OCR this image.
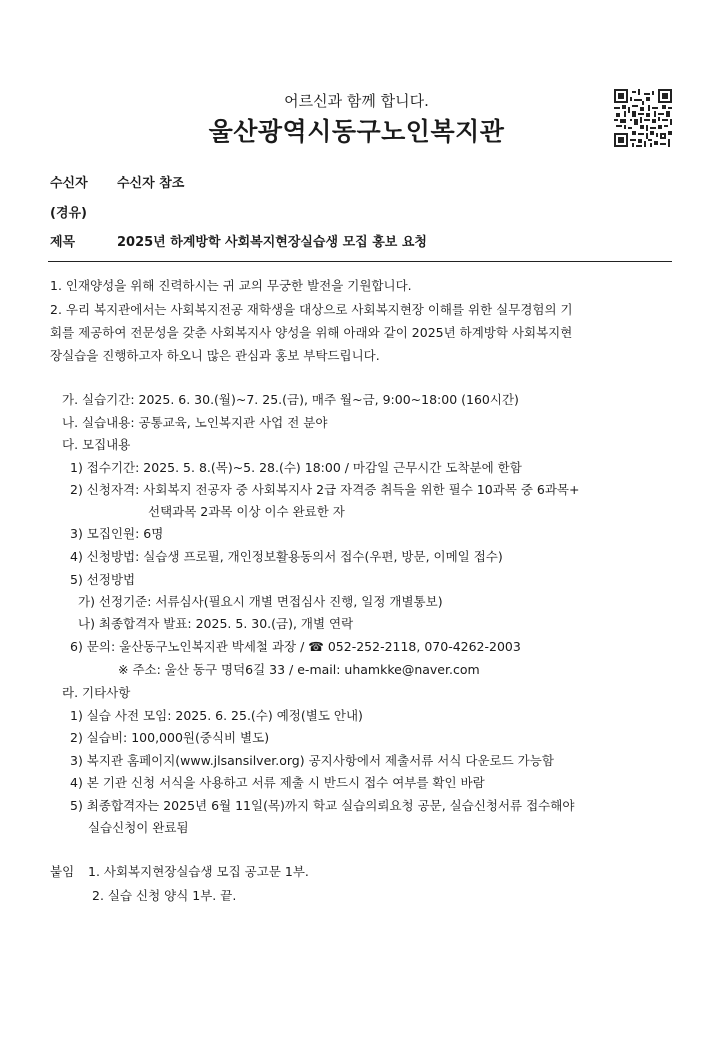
어르신과 함께 합니다.
울산광역시동구노인복지관
수신자 수신자 참조
(경유)
제목	2025년 하계방학 사회복지현장실습생 모집 홍보 요청
1. 인재양성을 위해 진력하시는 귀 교의 무궁한 발전을 기원합니다.
2. 우리 복지관에서는 사회복지전공 재학생을 대상으로 사회복지현장 이해를 위한 실무경험의 기
회를 제공하여 전문성을 갖춘 사회복지사 양성을 위해 아래와 같이 2025년 하계방학 사회복지현
장실습을 진행하고자 하오니 많은 관심과 홍보 부탁드립니다.
가. 실습기간: 2025. 6. 30.(월)~7. 25.(금), 매주 월~금, 9:00~18:00 (160시간)
나. 실습내용: 공통교육, 노인복지관 사업 전 분야
다. 모집내용
1) 접수기간: 2025. 5. 8.(목)~5. 28.(수) 18:00 / 마감일 근무시간 도착분에 한함
2) 신청자격: 사회복지 전공자 중 사회복지사 2급 자격증 취득을 위한 필수 10과목 중 6과목+
선택과목 2과목 이상 이수 완료한 자
3) 모집인원: 6명
4) 신청방법: 실습생 프로필, 개인정보활용동의서 접수(우편, 방문, 이메일 접수)
5) 선정방법
가) 선정기준: 서류심사(필요시 개별 면접심사 진행, 일정 개별통보)
나) 최종합격자 발표: 2025. 5. 30.(금), 개별 연락
6) 문의: 울산동구노인복지관 박세철 과장 / ☎ 052-252-2118, 070-4262-2003
※ 주소: 울산 동구 명덕6길 33 / e-mail: uhamkke@naver.com
라. 기타사항
1) 실습 사전 모임: 2025. 6. 25.(수) 예정(별도 안내)
2) 실습비: 100,000원(중식비 별도)
3) 복지관 홈페이지(www.jlsansilver.org) 공지사항에서 제출서류 서식 다운로드 가능함
4) 본 기관 신청 서식을 사용하고 서류 제출 시 반드시 접수 여부를 확인 바람
5) 최종합격자는 2025년 6월 11일(목)까지 학교 실습의뢰요청 공문, 실습신청서류 접수해야
실습신청이 완료됨
붙임 1. 사회복지현장실습생 모집 공고문 1부.
2. 실습 신청 양식 1부. 끝.
